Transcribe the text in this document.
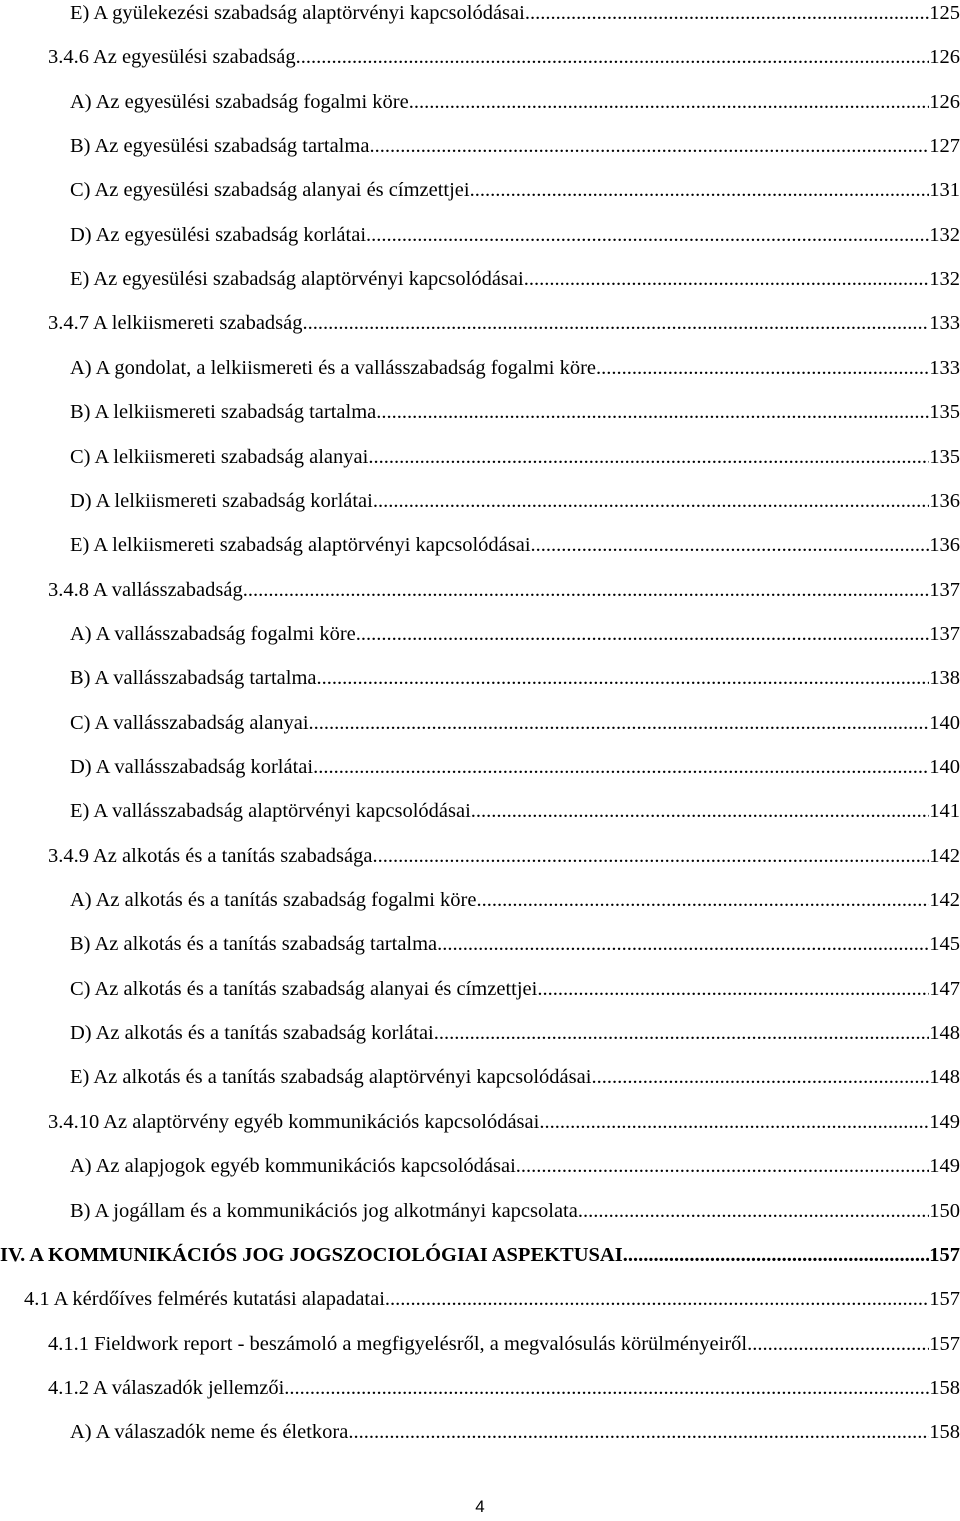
E) A gyülekezési szabadság alaptörvényi kapcsolódásai .....	125
3.4.6 Az egyesülési szabadság .....	126
A) Az egyesülési szabadság fogalmi köre .....	126
B) Az egyesülési szabadság tartalma .....	127
C) Az egyesülési szabadság alanyai és címzettjei .....	131
D) Az egyesülési szabadság korlátai .....	132
E) Az egyesülési szabadság alaptörvényi kapcsolódásai .....	132
3.4.7 A lelkiismereti szabadság .....	133
A) A gondolat, a lelkiismereti és a vallásszabadság fogalmi köre .....	133
B) A lelkiismereti szabadság tartalma .....	135
C) A lelkiismereti szabadság alanyai .....	135
D) A lelkiismereti szabadság korlátai .....	136
E) A lelkiismereti szabadság alaptörvényi kapcsolódásai .....	136
3.4.8 A vallásszabadság .....	137
A) A vallásszabadság fogalmi köre .....	137
B) A vallásszabadság tartalma .....	138
C) A vallásszabadság alanyai .....	140
D) A vallásszabadság korlátai .....	140
E) A vallásszabadság alaptörvényi kapcsolódásai .....	141
3.4.9 Az alkotás és a tanítás szabadsága .....	142
A) Az alkotás és a tanítás szabadság fogalmi köre .....	142
B) Az alkotás és a tanítás szabadság tartalma .....	145
C) Az alkotás és a tanítás szabadság alanyai és címzettjei .....	147
D) Az alkotás és a tanítás szabadság korlátai .....	148
E) Az alkotás és a tanítás szabadság alaptörvényi kapcsolódásai .....	148
3.4.10 Az alaptörvény egyéb kommunikációs kapcsolódásai .....	149
A) Az alapjogok egyéb kommunikációs kapcsolódásai .....	149
B) A jogállam és a kommunikációs jog alkotmányi kapcsolata .....	150
IV. A KOMMUNIKÁCIÓS JOG JOGSZOCIOLÓGIAI ASPEKTUSAI .....	157
4.1 A kérdőíves felmérés kutatási alapadatai .....	157
4.1.1 Fieldwork report - beszámoló a megfigyelésről, a megvalósulás körülményeiről .....	157
4.1.2 A válaszadók jellemzői .....	158
A) A válaszadók neme és életkora .....	158
4
